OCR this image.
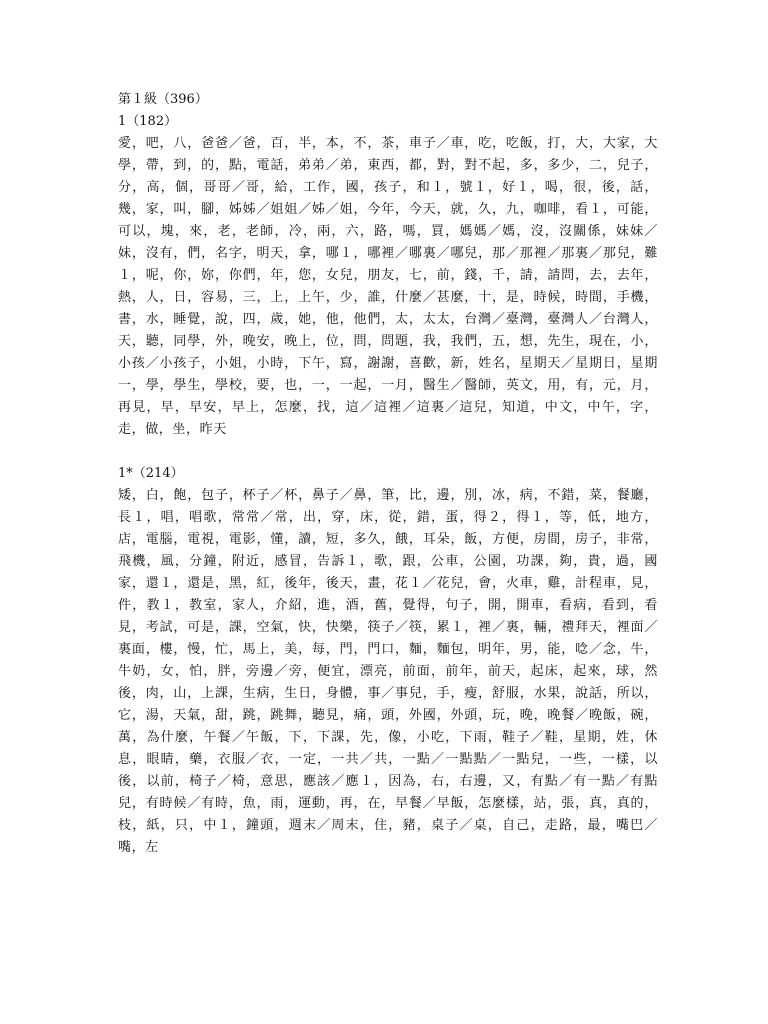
第１級（396）

1（182）

愛，吧，八，爸爸／爸，百，半，本，不，茶，車子／車，吃，吃飯，打，大，大家，大學，帶，到，的，點，電話，弟弟／弟，東西，都，對，對不起，多，多少，二，兒子，分，高，個，哥哥／哥，給，工作，國，孩子，和１，號１，好１，喝，很，後，話，幾，家，叫，腳，姊姊／姐姐／姊／姐，今年，今天，就，久，九，咖啡，看１，可能，可以，塊，來，老，老師，冷，兩，六，路，嗎，買，媽媽／媽，沒，沒關係，妹妹／妹，沒有，們，名字，明天，拿，哪１，哪裡／哪裏／哪兒，那／那裡／那裏／那兒，難１，呢，你，妳，你們，年，您，女兒，朋友，七，前，錢，千，請，請問，去，去年，熱，人，日，容易，三，上，上午，少，誰，什麼／甚麼，十，是，時候，時間，手機，書，水，睡覺，說，四，歲，她，他，他們，太，太太，台灣／臺灣，臺灣人／台灣人，天，聽，同學，外，晚安，晚上，位，問，問題，我，我們，五，想，先生，現在，小，小孩／小孩子，小姐，小時，下午，寫，謝謝，喜歡，新，姓名，星期天／星期日，星期一，學，學生，學校，要，也，一，一起，一月，醫生／醫師，英文，用，有，元，月，再見，早，早安，早上，怎麼，找，這／這裡／這裏／這兒，知道，中文，中午，字，走，做，坐，昨天

1*（214）

矮，白，飽，包子，杯子／杯，鼻子／鼻，筆，比，邊，別，冰，病，不錯，菜，餐廳，長１，唱，唱歌，常常／常，出，穿，床，從，錯，蛋，得２，得１，等，低，地方，店，電腦，電視，電影，懂，讀，短，多久，餓，耳朵，飯，方便，房間，房子，非常，飛機，風，分鐘，附近，感冒，告訴１，歌，跟，公車，公園，功課，夠，貴，過，國家，還１，還是，黑，紅，後年，後天，畫，花１／花兒，會，火車，雞，計程車，見，件，教１，教室，家人，介紹，進，酒，舊，覺得，句子，開，開車，看病，看到，看見，考試，可是，課，空氣，快，快樂，筷子／筷，累１，裡／裏，輛，禮拜天，裡面／裏面，樓，慢，忙，馬上，美，每，門，門口，麵，麵包，明年，男，能，唸／念，牛，牛奶，女，怕，胖，旁邊／旁，便宜，漂亮，前面，前年，前天，起床，起來，球，然後，肉，山，上課，生病，生日，身體，事／事兒，手，瘦，舒服，水果，說話，所以，它，湯，天氣，甜，跳，跳舞，聽見，痛，頭，外國，外頭，玩，晚，晚餐／晚飯，碗，萬，為什麼，午餐／午飯，下，下課，先，像，小吃，下雨，鞋子／鞋，星期，姓，休息，眼睛，藥，衣服／衣，一定，一共／共，一點／一點點／一點兒，一些，一樣，以後，以前，椅子／椅，意思，應該／應１，因為，右，右邊，又，有點／有一點／有點兒，有時候／有時，魚，雨，運動，再，在，早餐／早飯，怎麼樣，站，張，真，真的，枝，紙，只，中１，鐘頭，週末／周末，住，豬，桌子／桌，自己，走路，最，嘴巴／嘴，左
